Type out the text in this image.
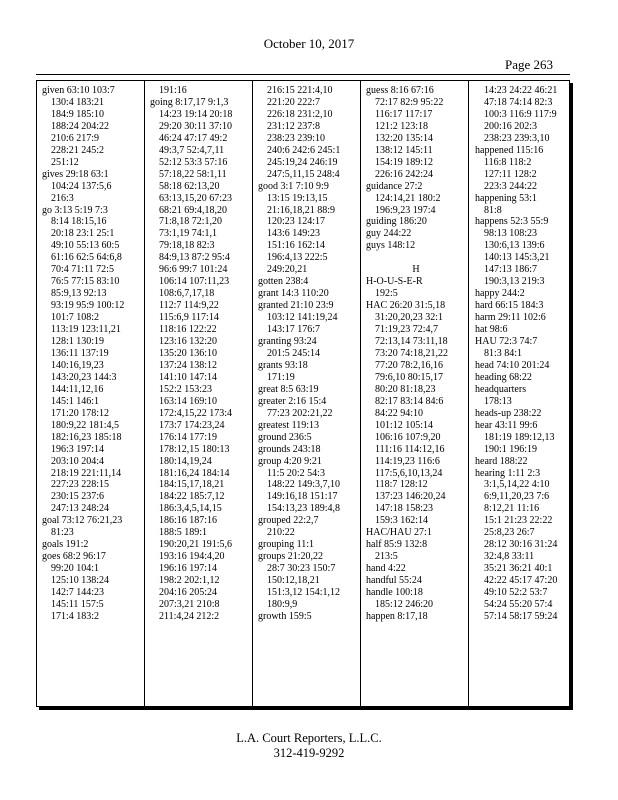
October 10, 2017
Page 263

given 63:10 103:7

130:4 183:21

184:9 185:10

188:24 204:22

210:6 217:9

228:21 245:2

251:12

gives 29:18 63:1

104:24 137:5,6

216:3

go 3:13 5:19 7:3

8:14 18:15,16

20:18 23:1 25:1

49:10 55:13 60:5

61:16 62:5 64:6,8

70:4 71:11 72:5

76:5 77:15 83:10

85:9,13 92:13

93:19 95:9 100:12

101:7 108:2

113:19 123:11,21

128:1 130:19

136:11 137:19

140:16,19,23

143:20,23 144:3

144:11,12,16

145:1 146:1

171:20 178:12

180:9,22 181:4,5

182:16,23 185:18

196:3 197:14

203:10 204:4

218:19 221:11,14

227:23 228:15

230:15 237:6

247:13 248:24

goal 73:12 76:21,23

81:23

goals 191:2

goes 68:2 96:17

99:20 104:1

125:10 138:24

142:7 144:23

145:11 157:5

171:4 183:2

191:16

going 8:17,17 9:1,3

14:23 19:14 20:18

29:20 30:11 37:10

46:24 47:17 49:2

49:3,7 52:4,7,11

52:12 53:3 57:16

57:18,22 58:1,11

58:18 62:13,20

63:13,15,20 67:23

68:21 69:4,18,20

71:8,18 72:1,20

73:1,19 74:1,1

79:18,18 82:3

84:9,13 87:2 95:4

96:6 99:7 101:24

106:14 107:11,23

108:6,7,17,18

112:7 114:9,22

115:6,9 117:14

118:16 122:22

123:16 132:20

135:20 136:10

137:24 138:12

141:10 147:14

152:2 153:23

163:14 169:10

172:4,15,22 173:4

173:7 174:23,24

176:14 177:19

178:12,15 180:13

180:14,19,24

181:16,24 184:14

184:15,17,18,21

184:22 185:7,12

186:3,4,5,14,15

186:16 187:16

188:5 189:1

190:20,21 191:5,6

193:16 194:4,20

196:16 197:14

198:2 202:1,12

204:16 205:24

207:3,21 210:8

211:4,24 212:2

216:15 221:4,10

221:20 222:7

226:18 231:2,10

231:12 237:8

238:23 239:10

240:6 242:6 245:1

245:19,24 246:19

247:5,11,15 248:4

good 3:1 7:10 9:9

13:15 19:13,15

21:16,18,21 88:9

120:23 124:17

143:6 149:23

151:16 162:14

196:4,13 222:5

249:20,21

gotten 238:4

grant 14:3 110:20

granted 21:10 23:9

103:12 141:19,24

143:17 176:7

granting 93:24

201:5 245:14

grants 93:18

171:19

great 8:5 63:19

greater 2:16 15:4

77:23 202:21,22

greatest 119:13

ground 236:5

grounds 243:18

group 4:20 9:21

11:5 20:2 54:3

148:22 149:3,7,10

149:16,18 151:17

154:13,23 189:4,8

grouped 22:2,7

210:22

grouping 11:1

groups 21:20,22

28:7 30:23 150:7

150:12,18,21

151:3,12 154:1,12

180:9,9

growth 159:5

guess 8:16 67:16

72:17 82:9 95:22

116:17 117:17

121:2 123:18

132:20 135:14

138:12 145:11

154:19 189:12

226:16 242:24

guidance 27:2

124:14,21 180:2

196:9,23 197:4

guiding 186:20

guy 244:22

guys 148:12

H

H-O-U-S-E-R

192:5

HAC 26:20 31:5,18

31:20,20,23 32:1

71:19,23 72:4,7

72:13,14 73:11,18

73:20 74:18,21,22

77:20 78:2,16,16

79:6,10 80:15,17

80:20 81:18,23

82:17 83:14 84:6

84:22 94:10

101:12 105:14

106:16 107:9,20

111:16 114:12,16

114:19,23 116:6

117:5,6,10,13,24

118:7 128:12

137:23 146:20,24

147:18 158:23

159:3 162:14

HAC/HAU 27:1

half 85:9 132:8

213:5

hand 4:22

handful 55:24

handle 100:18

185:12 246:20

happen 8:17,18

14:23 24:22 46:21

47:18 74:14 82:3

100:3 116:9 117:9

200:16 202:3

238:23 239:3,10

happened 115:16

116:8 118:2

127:11 128:2

223:3 244:22

happening 53:1

81:8

happens 52:3 55:9

98:13 108:23

130:6,13 139:6

140:13 145:3,21

147:13 186:7

190:3,13 219:3

happy 244:2

hard 66:15 184:3

harm 29:11 102:6

hat 98:6

HAU 72:3 74:7

81:3 84:1

head 74:10 201:24

heading 68:22

headquarters

178:13

heads-up 238:22

hear 43:11 99:6

181:19 189:12,13

190:1 196:19

heard 188:22

hearing 1:11 2:3

3:1,5,14,22 4:10

6:9,11,20,23 7:6

8:12,21 11:16

15:1 21:23 22:22

25:8,23 26:7

28:12 30:16 31:24

32:4,8 33:11

35:21 36:21 40:1

42:22 45:17 47:20

49:10 52:2 53:7

54:24 55:20 57:4

57:14 58:17 59:24

L.A. Court Reporters, L.L.C.
312-419-9292
